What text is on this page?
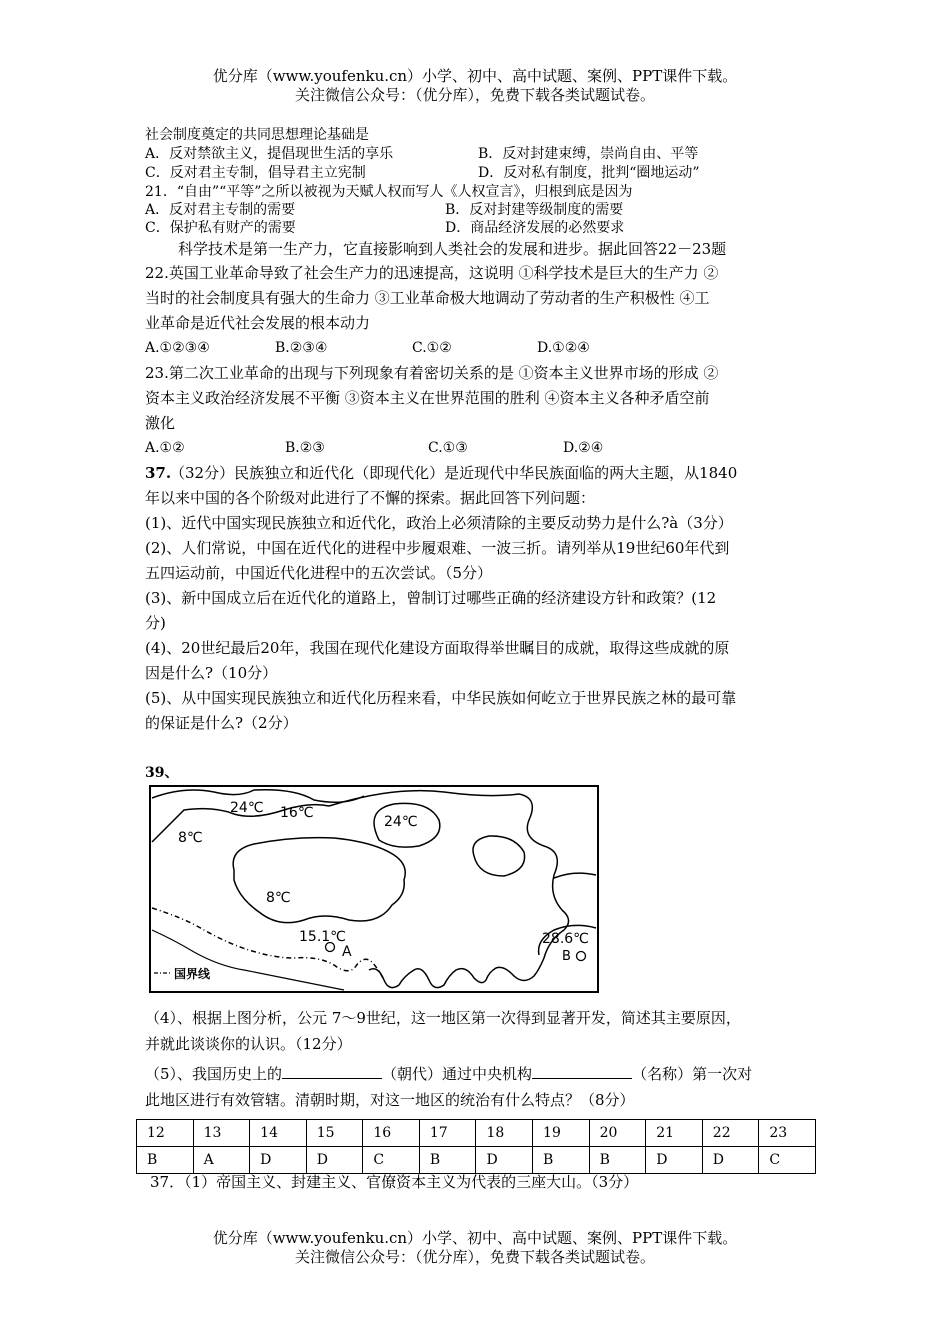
优分库（www.youfenku.cn）小学、初中、高中试题、案例、PPT课件下载。
关注微信公众号：（优分库），免费下载各类试题试卷。
社会制度奠定的共同思想理论基础是
A．反对禁欲主义，提倡现世生活的享乐	B．反对封建束缚，崇尚自由、平等
C．反对君主专制，倡导君主立宪制	D．反对私有制度，批判“圈地运动”
21．“自由”“平等”之所以被视为天赋人权而写人《人权宣言》，归根到底是因为
A．反对君主专制的需要	B．反对封建等级制度的需要
C．保护私有财产的需要	D．商品经济发展的必然要求
科学技术是第一生产力，它直接影响到人类社会的发展和进步。据此回答22－23题
22.英国工业革命导致了社会生产力的迅速提高，这说明 ①科学技术是巨大的生产力 ②
当时的社会制度具有强大的生命力 ③工业革命极大地调动了劳动者的生产积极性 ④工
业革命是近代社会发展的根本动力
A.①②③④	B.②③④	C.①②	D.①②④
23.第二次工业革命的出现与下列现象有着密切关系的是 ①资本主义世界市场的形成 ②
资本主义政治经济发展不平衡 ③资本主义在世界范围的胜利 ④资本主义各种矛盾空前
激化
A.①②	B.②③	C.①③	D.②④
37.
（32分）民族独立和近代化（即现代化）是近现代中华民族面临的两大主题，从1840
年以来中国的各个阶级对此进行了不懈的探索。据此回答下列问题：
(1)、近代中国实现民族独立和近代化，政治上必须清除的主要反动势力是什么?à（3分）
(2)、人们常说，中国在近代化的进程中步履艰难、一波三折。请列举从19世纪60年代到
五四运动前，中国近代化进程中的五次尝试。（5分）
(3)、新中国成立后在近代化的道路上，曾制订过哪些正确的经济建设方针和政策？(12
分)
(4)、20世纪最后20年，我国在现代化建设方面取得举世瞩目的成就，取得这些成就的原
因是什么?（10分）
(5)、从中国实现民族独立和近代化历程来看，中华民族如何屹立于世界民族之林的最可靠
的保证是什么?（2分）
39、
24℃ 16℃
24℃
8℃
8℃
15.1℃
A
28.6℃
B
国界线
（4）、根据上图分析，公元 7～9世纪，这一地区第一次得到显著开发，简述其主要原因，
并就此谈谈你的认识。（12分）
（5）、我国历史上的	（朝代）通过中央机构	（名称）第一次对
此地区进行有效管辖。清朝时期，对这一地区的统治有什么特点？（8分）
12	13	14	15	16	17	18	19	20	21	22	23
B	A	D	D	C	B	D	B	B	D	D	C
37．（1）帝国主义、封建主义、官僚资本主义为代表的三座大山。（3分）
优分库（www.youfenku.cn）小学、初中、高中试题、案例、PPT课件下载。
关注微信公众号：（优分库），免费下载各类试题试卷。
